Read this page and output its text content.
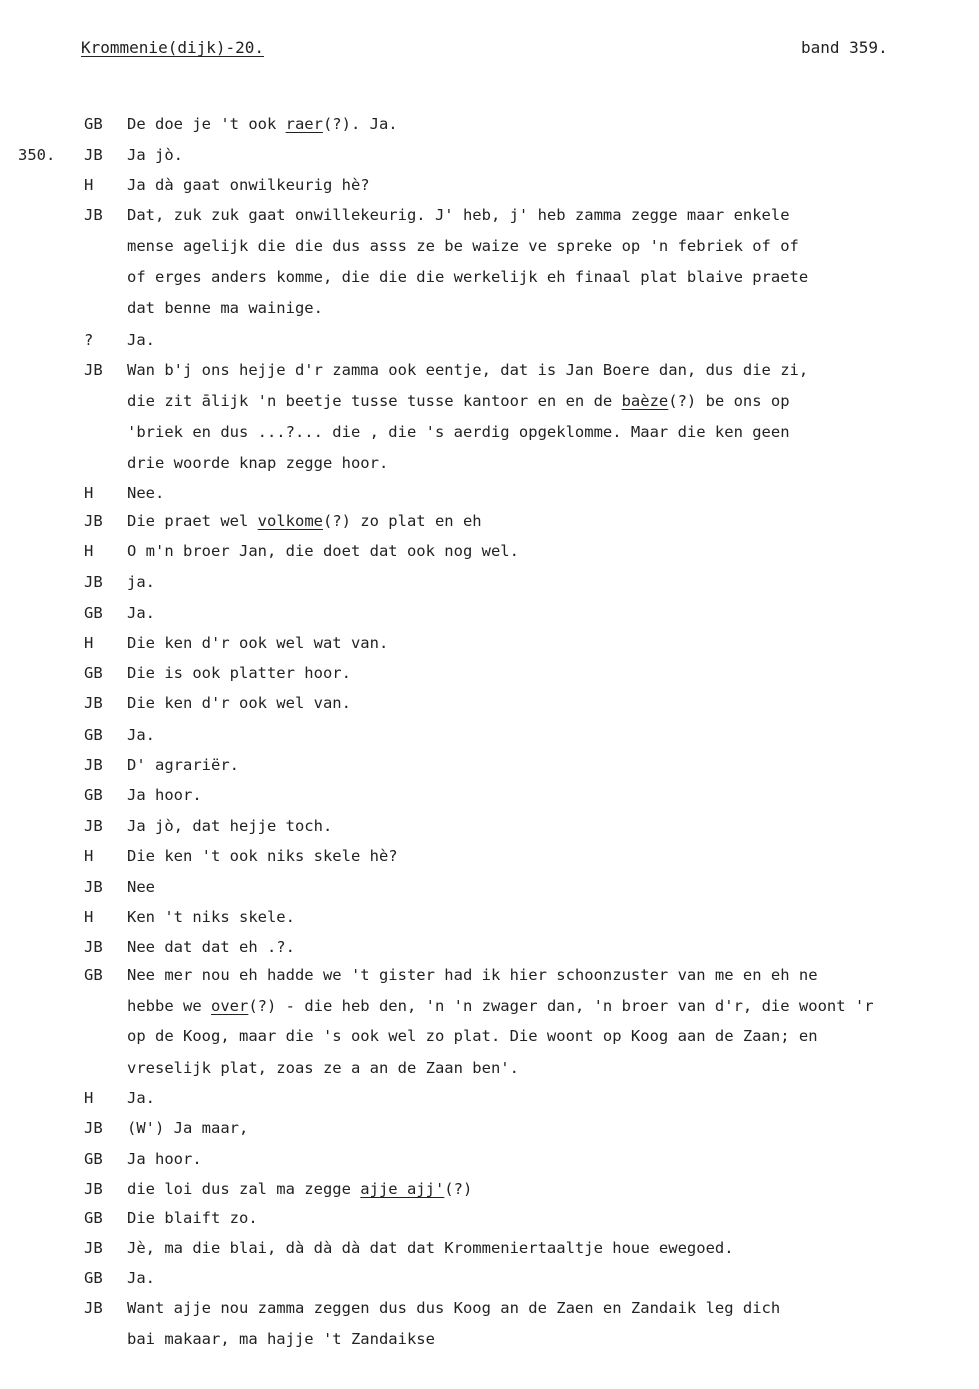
Krommenie(dijk)-20.	band 359.
350.
GB	De doe je 't ook raer(?). Ja.
JB	Ja jò.
H	Ja dà gaat onwilkeurig hè?
JB	Dat, zuk zuk gaat onwillekeurig. J' heb, j' heb zamma zegge maar enkele
mense agelijk die die dus asss ze be waize ve spreke op 'n febriek of of
of erges anders komme, die die die werkelijk eh finaal plat blaive praete
dat benne ma wainige.
?	Ja.
JB	Wan b'j ons hejje d'r zamma ook eentje, dat is Jan Boere dan, dus die zi,
die zit ālijk 'n beetje tusse tusse kantoor en en de baèze(?) be ons op
'briek en dus ...?... die , die 's aerdig opgeklomme. Maar die ken geen
drie woorde knap zegge hoor.
H	Nee.
JB	Die praet wel volkome(?) zo plat en eh
H	O m'n broer Jan, die doet dat ook nog wel.
JB	ja.
GB	Ja.
H	Die ken d'r ook wel wat van.
GB	Die is ook platter hoor.
JB	Die ken d'r ook wel van.
GB	Ja.
JB	D' agrariër.
GB	Ja hoor.
JB	Ja jò, dat hejje toch.
H	Die ken 't ook niks skele hè?
JB	Nee
H	Ken 't niks skele.
JB	Nee dat dat eh .?.
GB	Nee mer nou eh hadde we 't gister had ik hier schoonzuster van me en eh ne
hebbe we over(?) - die heb den, 'n 'n zwager dan, 'n broer van d'r, die woont 'r
op de Koog, maar die 's ook wel zo plat. Die woont op Koog aan de Zaan; en
vreselijk plat, zoas ze a an de Zaan ben'.
H	Ja.
JB	(W') Ja maar,
GB	Ja hoor.
JB	die loi dus zal ma zegge ajje ajj'(?)
GB	Die blaift zo.
JB	Jè, ma die blai, dà dà dà dat dat Krommeniertaaltje houe ewegoed.
GB	Ja.
JB	Want ajje nou zamma zeggen dus dus Koog an de Zaen en Zandaik leg dich
bai makaar, ma hajje 't Zandaikse
